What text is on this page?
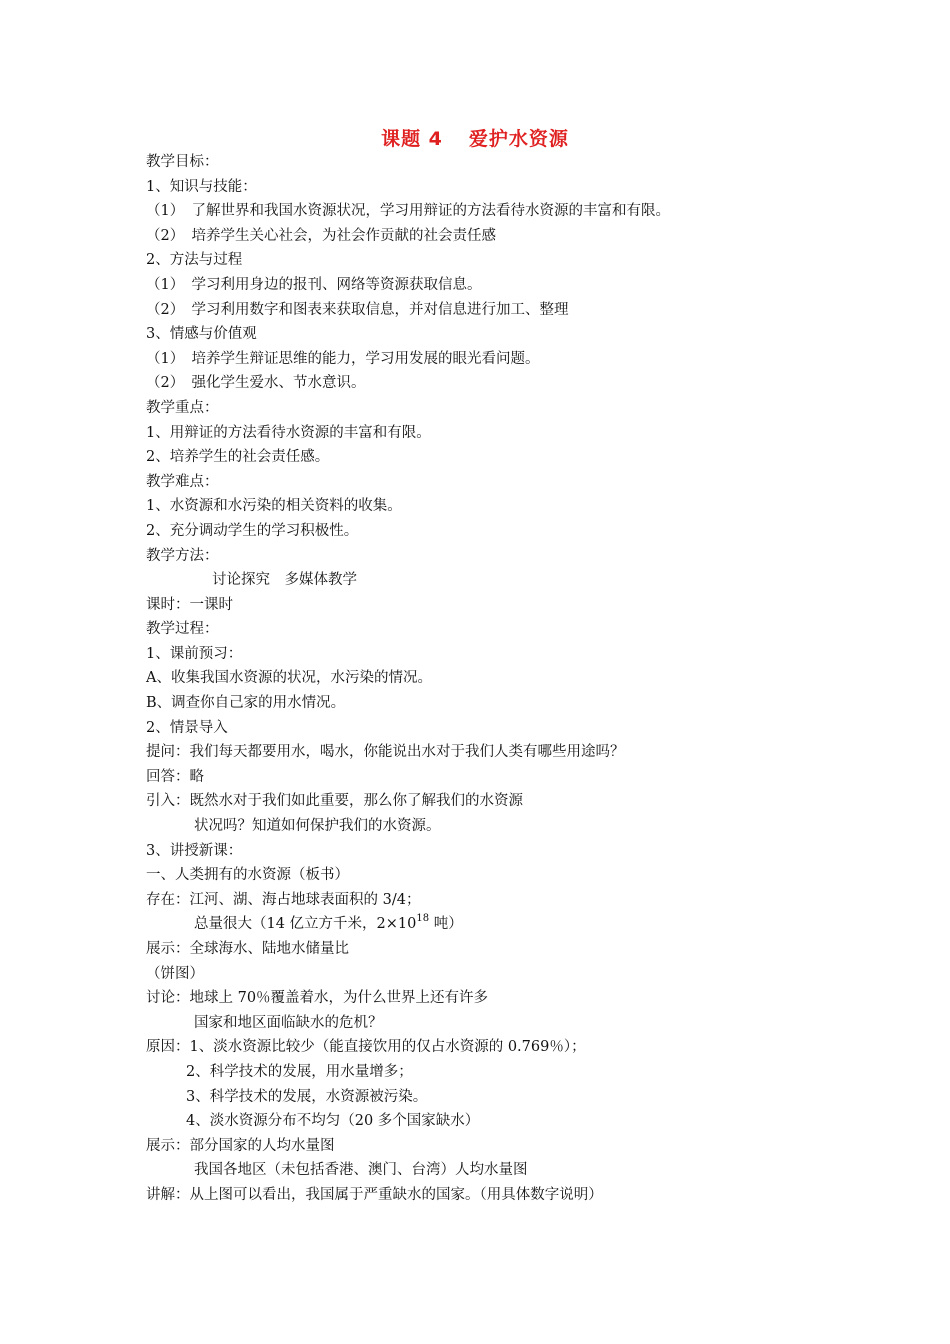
课题 4 爱护水资源
教学目标：
1、知识与技能：
（1）　了解世界和我国水资源状况，学习用辩证的方法看待水资源的丰富和有限。
（2）　培养学生关心社会，为社会作贡献的社会责任感
2、方法与过程
（1）　学习利用身边的报刊、网络等资源获取信息。
（2）　学习利用数字和图表来获取信息，并对信息进行加工、整理
3、情感与价值观
（1）　培养学生辩证思维的能力，学习用发展的眼光看问题。
（2）　强化学生爱水、节水意识。
教学重点：
1、用辩证的方法看待水资源的丰富和有限。
2、培养学生的社会责任感。
教学难点：
1、水资源和水污染的相关资料的收集。
2、充分调动学生的学习积极性。
教学方法：
讨论探究　多媒体教学
课时：一课时
教学过程：
1、课前预习：
A、收集我国水资源的状况，水污染的情况。
B、调查你自己家的用水情况。
2、情景导入
提问：我们每天都要用水，喝水，你能说出水对于我们人类有哪些用途吗？
回答：略
引入：既然水对于我们如此重要，那么你了解我们的水资源
状况吗？知道如何保护我们的水资源。
3、讲授新课：
一、人类拥有的水资源（板书）
存在：江河、湖、海占地球表面积的 3/4；
总量很大（14 亿立方千米，$2\times 10^{18}$ 吨）
展示：全球海水、陆地水储量比
（饼图）
讨论：地球上 70％覆盖着水，为什么世界上还有许多
国家和地区面临缺水的危机？
原因：1、淡水资源比较少（能直接饮用的仅占水资源的 0.769％）；
2、科学技术的发展，用水量增多；
3、科学技术的发展，水资源被污染。
4、淡水资源分布不均匀（20 多个国家缺水）
展示：部分国家的人均水量图
我国各地区（未包括香港、澳门、台湾）人均水量图
讲解：从上图可以看出，我国属于严重缺水的国家。（用具体数字说明）
